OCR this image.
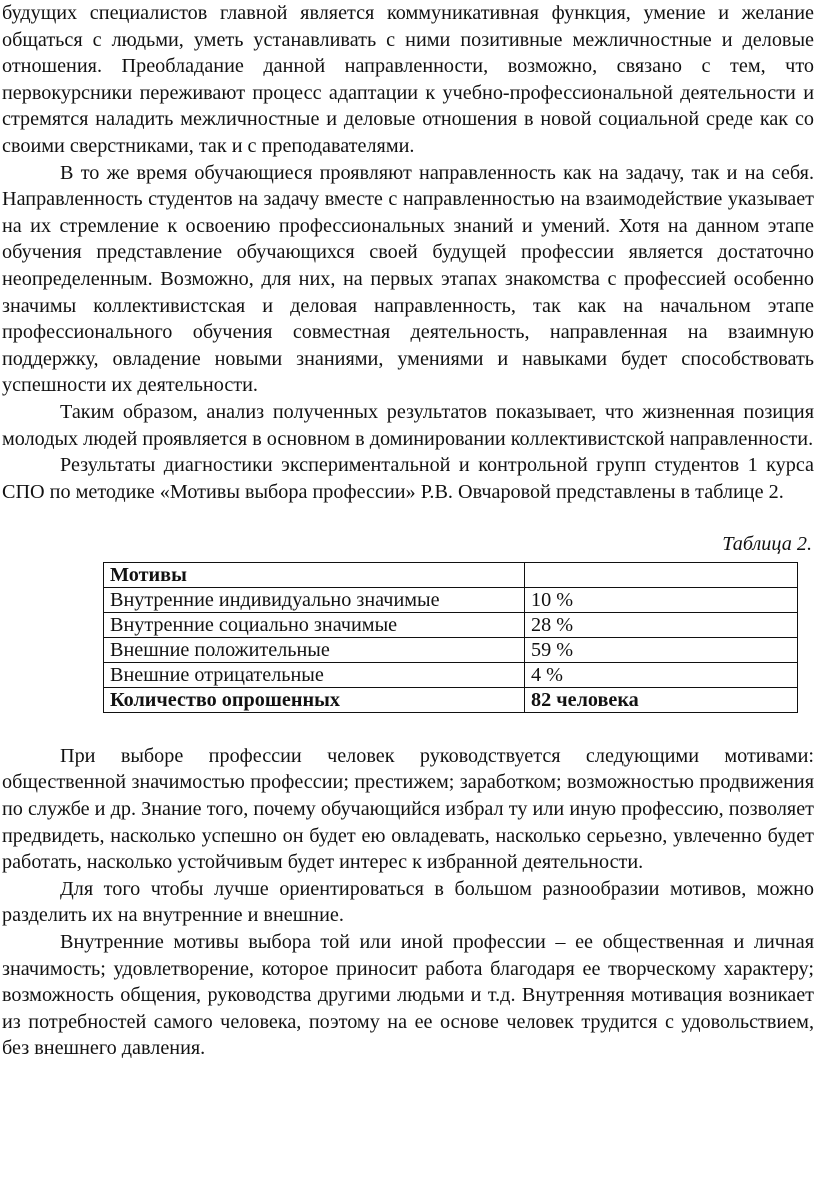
будущих специалистов главной является коммуникативная функция, умение и желание общаться с людьми, уметь устанавливать с ними позитивные межличностные и деловые отношения. Преобладание данной направленности, возможно, связано с тем, что первокурсники переживают процесс адаптации к учебно-профессиональной деятельности и стремятся наладить межличностные и деловые отношения в новой социальной среде как со своими сверстниками, так и с преподавателями.

В то же время обучающиеся проявляют направленность как на задачу, так и на себя. Направленность студентов на задачу вместе с направленностью на взаимодействие указывает на их стремление к освоению профессиональных знаний и умений. Хотя на данном этапе обучения представление обучающихся своей будущей профессии является достаточно неопределенным. Возможно, для них, на первых этапах знакомства с профессией особенно значимы коллективистская и деловая направленность, так как на начальном этапе профессионального обучения совместная деятельность, направленная на взаимную поддержку, овладение новыми знаниями, умениями и навыками будет способствовать успешности их деятельности.

Таким образом, анализ полученных результатов показывает, что жизненная позиция молодых людей проявляется в основном в доминировании коллективистской направленности.

Результаты диагностики экспериментальной и контрольной групп студентов 1 курса СПО по методике «Мотивы выбора профессии» Р.В. Овчаровой представлены в таблице 2.

Таблица 2.
Мотивы	
Внутренние индивидуально значимые	10 %
Внутренние социально значимые	28 %
Внешние положительные	59 %
Внешние отрицательные	4 %
Количество опрошенных	82 человека

При выборе профессии человек руководствуется следующими мотивами: общественной значимостью профессии; престижем; заработком; возможностью продвижения по службе и др. Знание того, почему обучающийся избрал ту или иную профессию, позволяет предвидеть, насколько успешно он будет ею овладевать, насколько серьезно, увлеченно будет работать, насколько устойчивым будет интерес к избранной деятельности.

Для того чтобы лучше ориентироваться в большом разнообразии мотивов, можно разделить их на внутренние и внешние.

Внутренние мотивы выбора той или иной профессии – ее общественная и личная значимость; удовлетворение, которое приносит работа благодаря ее творческому характеру; возможность общения, руководства другими людьми и т.д. Внутренняя мотивация возникает из потребностей самого человека, поэтому на ее основе человек трудится с удовольствием, без внешнего давления.
